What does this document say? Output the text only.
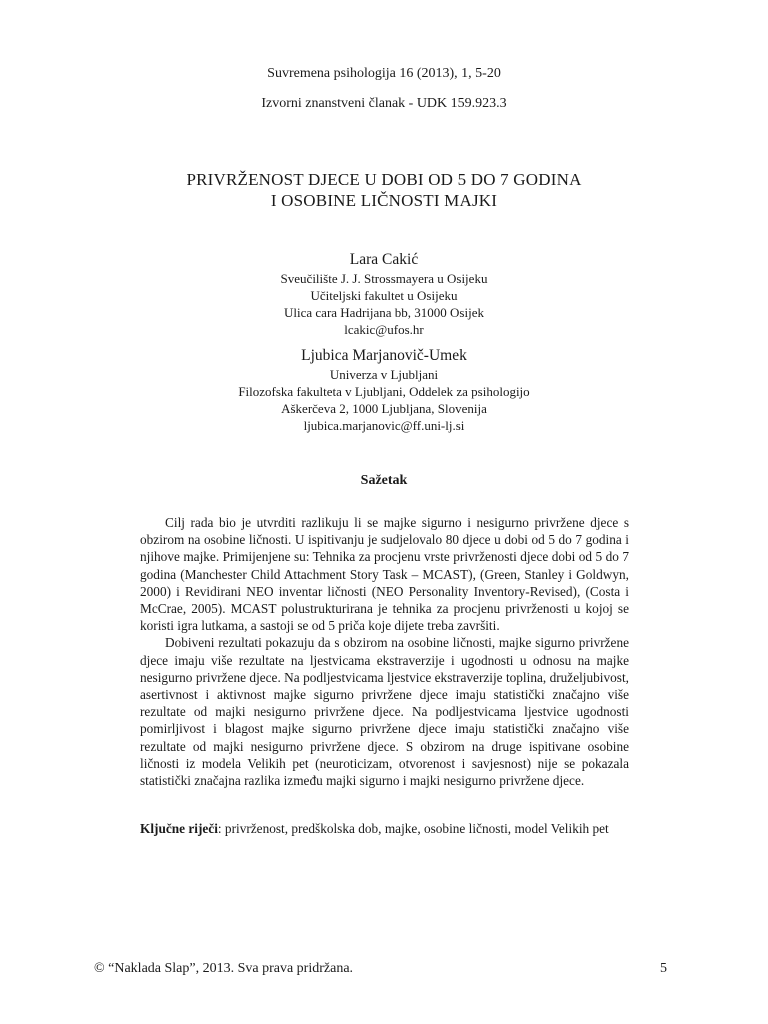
Suvremena psihologija 16 (2013), 1, 5-20
Izvorni znanstveni članak - UDK 159.923.3
PRIVRŽENOST DJECE U DOBI OD 5 DO 7 GODINA
I OSOBINE LIČNOSTI MAJKI
Lara Cakić
Sveučilište J. J. Strossmayera u Osijeku
Učiteljski fakultet u Osijeku
Ulica cara Hadrijana bb, 31000 Osijek
lcakic@ufos.hr
Ljubica Marjanovič-Umek
Univerza v Ljubljani
Filozofska fakulteta v Ljubljani, Oddelek za psihologijo
Aškerčeva 2, 1000 Ljubljana, Slovenija
ljubica.marjanovic@ff.uni-lj.si
Sažetak

Cilj rada bio je utvrditi razlikuju li se majke sigurno i nesigurno privržene djece s obzirom na osobine ličnosti. U ispitivanju je sudjelovalo 80 djece u dobi od 5 do 7 godina i njihove majke. Primijenjene su: Tehnika za procjenu vrste privrženosti djece dobi od 5 do 7 godina (Manchester Child Attachment Story Task – MCAST), (Green, Stanley i Goldwyn, 2000) i Revidirani NEO inventar ličnosti (NEO Personality Inventory-Revised), (Costa i McCrae, 2005). MCAST polustrukturirana je tehnika za procjenu privrženosti u kojoj se koristi igra lutkama, a sastoji se od 5 priča koje dijete treba završiti.

Dobiveni rezultati pokazuju da s obzirom na osobine ličnosti, majke sigurno privržene djece imaju više rezultate na ljestvicama ekstraverzije i ugodnosti u odnosu na majke nesigurno privržene djece. Na podljestvicama ljestvice ekstraverzije toplina, druželjubivost, asertivnost i aktivnost majke sigurno privržene djece imaju statistički značajno više rezultate od majki nesigurno privržene djece. Na podljestvicama ljestvice ugodnosti pomirljivost i blagost majke sigurno privržene djece imaju statistički značajno više rezultate od majki nesigurno privržene djece. S obzirom na druge ispitivane osobine ličnosti iz modela Velikih pet (neuroticizam, otvorenost i savjesnost) nije se pokazala statistički značajna razlika između majki sigurno i majki nesigurno privržene djece.

Ključne riječi: privrženost, predškolska dob, majke, osobine ličnosti, model Velikih pet
© “Naklada Slap”, 2013. Sva prava pridržana.	5
